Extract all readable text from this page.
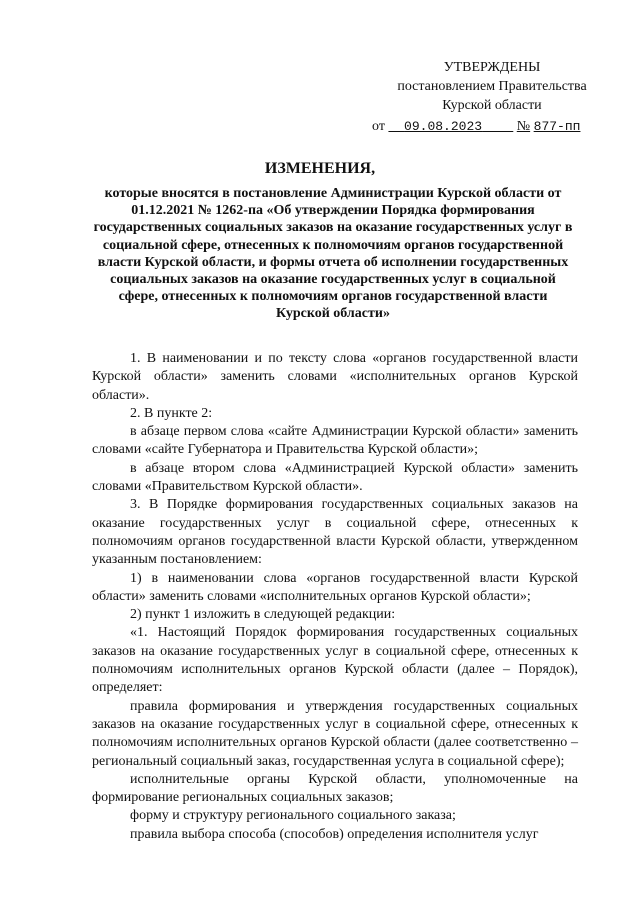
УТВЕРЖДЕНЫ
постановлением Правительства
Курской области
от 09.08.2023 № 877-пп
ИЗМЕНЕНИЯ,
которые вносятся в постановление Администрации Курской области от 01.12.2021 № 1262-па «Об утверждении Порядка формирования государственных социальных заказов на оказание государственных услуг в социальной сфере, отнесенных к полномочиям органов государственной власти Курской области, и формы отчета об исполнении государственных социальных заказов на оказание государственных услуг в социальной сфере, отнесенных к полномочиям органов государственной власти Курской области»

1. В наименовании и по тексту слова «органов государственной власти Курской области» заменить словами «исполнительных органов Курской области».

2. В пункте 2:

в абзаце первом слова «сайте Администрации Курской области» заменить словами «сайте Губернатора и Правительства Курской области»;

в абзаце втором слова «Администрацией Курской области» заменить словами «Правительством Курской области».

3. В Порядке формирования государственных социальных заказов на оказание государственных услуг в социальной сфере, отнесенных к полномочиям органов государственной власти Курской области, утвержденном указанным постановлением:

1) в наименовании слова «органов государственной власти Курской области» заменить словами «исполнительных органов Курской области»;

2) пункт 1 изложить в следующей редакции:

«1. Настоящий Порядок формирования государственных социальных заказов на оказание государственных услуг в социальной сфере, отнесенных к полномочиям исполнительных органов Курской области (далее – Порядок), определяет:

правила формирования и утверждения государственных социальных заказов на оказание государственных услуг в социальной сфере, отнесенных к полномочиям исполнительных органов Курской области (далее соответственно – региональный социальный заказ, государственная услуга в социальной сфере);

исполнительные органы Курской области, уполномоченные на формирование региональных социальных заказов;

форму и структуру регионального социального заказа;

правила выбора способа (способов) определения исполнителя услуг
